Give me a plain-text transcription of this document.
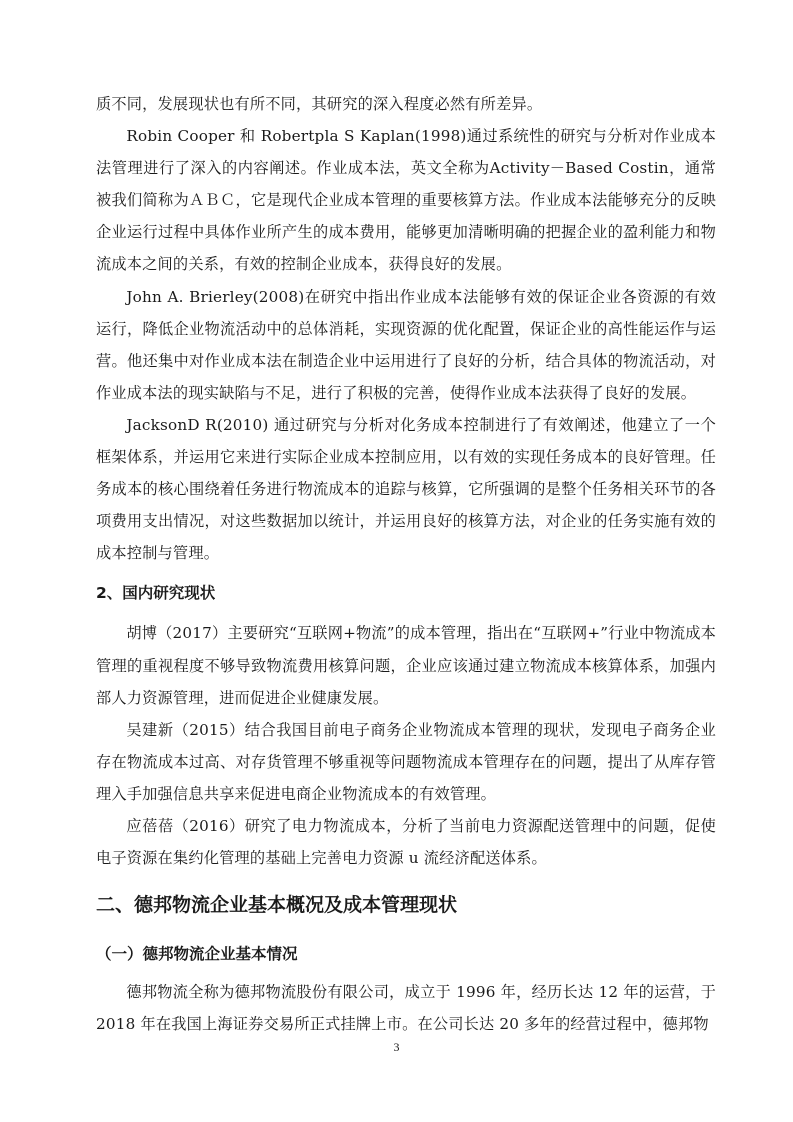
质不同，发展现状也有所不同，其研究的深入程度必然有所差异。

Robin Cooper 和 Robertpla S Kaplan(1998)通过系统性的研究与分析对作业成本法管理进行了深入的内容阐述。作业成本法，英文全称为Activity－Based Costin，通常被我们简称为ＡＢＣ，它是现代企业成本管理的重要核算方法。作业成本法能够充分的反映企业运行过程中具体作业所产生的成本费用，能够更加清晰明确的把握企业的盈利能力和物流成本之间的关系，有效的控制企业成本，获得良好的发展。

John A. Brierley(2008)在研究中指出作业成本法能够有效的保证企业各资源的有效运行，降低企业物流活动中的总体消耗，实现资源的优化配置，保证企业的高性能运作与运营。他还集中对作业成本法在制造企业中运用进行了良好的分析，结合具体的物流活动，对作业成本法的现实缺陷与不足，进行了积极的完善，使得作业成本法获得了良好的发展。

JacksonD R(2010) 通过研究与分析对化务成本控制进行了有效阐述，他建立了一个框架体系，并运用它来进行实际企业成本控制应用，以有效的实现任务成本的良好管理。任务成本的核心围绕着任务进行物流成本的追踪与核算，它所强调的是整个任务相关环节的各项费用支出情况，对这些数据加以统计，并运用良好的核算方法，对企业的任务实施有效的成本控制与管理。

2、国内研究现状

胡博（2017）主要研究“互联网+物流”的成本管理，指出在“互联网+”行业中物流成本管理的重视程度不够导致物流费用核算问题，企业应该通过建立物流成本核算体系，加强内部人力资源管理，进而促进企业健康发展。

吴建新（2015）结合我国目前电子商务企业物流成本管理的现状，发现电子商务企业存在物流成本过高、对存货管理不够重视等问题物流成本管理存在的问题，提出了从库存管理入手加强信息共享来促进电商企业物流成本的有效管理。

应蓓蓓（2016）研究了电力物流成本，分析了当前电力资源配送管理中的问题，促使电子资源在集约化管理的基础上完善电力资源 u 流经济配送体系。

二、德邦物流企业基本概况及成本管理现状
（一）德邦物流企业基本情况

德邦物流全称为德邦物流股份有限公司，成立于 1996 年，经历长达 12 年的运营，于 2018 年在我国上海证券交易所正式挂牌上市。在公司长达 20 多年的经营过程中，德邦物

3
